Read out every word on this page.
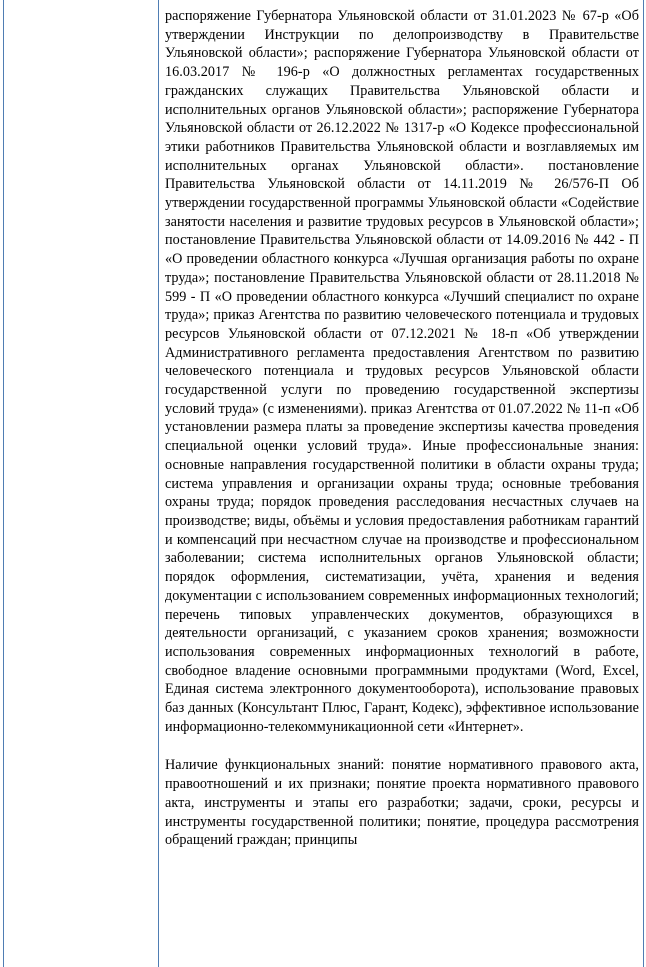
распоряжение Губернатора Ульяновской области от 31.01.2023 № 67-р «Об утверждении Инструкции по делопроизводству в Правительстве Ульяновской области»; распоряжение Губернатора Ульяновской области от 16.03.2017 № 196-р «О должностных регламентах государственных гражданских служащих Правительства Ульяновской области и исполнительных органов Ульяновской области»; распоряжение Губернатора Ульяновской области от 26.12.2022 № 1317-р «О Кодексе профессиональной этики работников Правительства Ульяновской области и возглавляемых им исполнительных органах Ульяновской области». постановление Правительства Ульяновской области от 14.11.2019 № 26/576-П Об утверждении государственной программы Ульяновской области «Содействие занятости населения и развитие трудовых ресурсов в Ульяновской области»; постановление Правительства Ульяновской области от 14.09.2016 № 442 - П «О проведении областного конкурса «Лучшая организация работы по охране труда»; постановление Правительства Ульяновской области от 28.11.2018 № 599 - П «О проведении областного конкурса «Лучший специалист по охране труда»; приказ Агентства по развитию человеческого потенциала и трудовых ресурсов Ульяновской области от 07.12.2021 № 18-п «Об утверждении Административного регламента предоставления Агентством по развитию человеческого потенциала и трудовых ресурсов Ульяновской области государственной услуги по проведению государственной экспертизы условий труда» (с изменениями). приказ Агентства от 01.07.2022 № 11-п «Об установлении размера платы за проведение экспертизы качества проведения специальной оценки условий труда». Иные профессиональные знания: основные направления государственной политики в области охраны труда; система управления и организации охраны труда; основные требования охраны труда; порядок проведения расследования несчастных случаев на производстве; виды, объёмы и условия предоставления работникам гарантий и компенсаций при несчастном случае на производстве и профессиональном заболевании; система исполнительных органов Ульяновской области; порядок оформления, систематизации, учёта, хранения и ведения документации с использованием современных информационных технологий; перечень типовых управленческих документов, образующихся в деятельности организаций, с указанием сроков хранения; возможности использования современных информационных технологий в работе, свободное владение основными программными продуктами (Word, Excel, Единая система электронного документооборота), использование правовых баз данных (Консультант Плюс, Гарант, Кодекс), эффективное использование информационно-телекоммуникационной сети «Интернет».

Наличие функциональных знаний: понятие нормативного правового акта, правоотношений и их признаки; понятие проекта нормативного правового акта, инструменты и этапы его разработки; задачи, сроки, ресурсы и инструменты государственной политики; понятие, процедура рассмотрения обращений граждан; принципы
